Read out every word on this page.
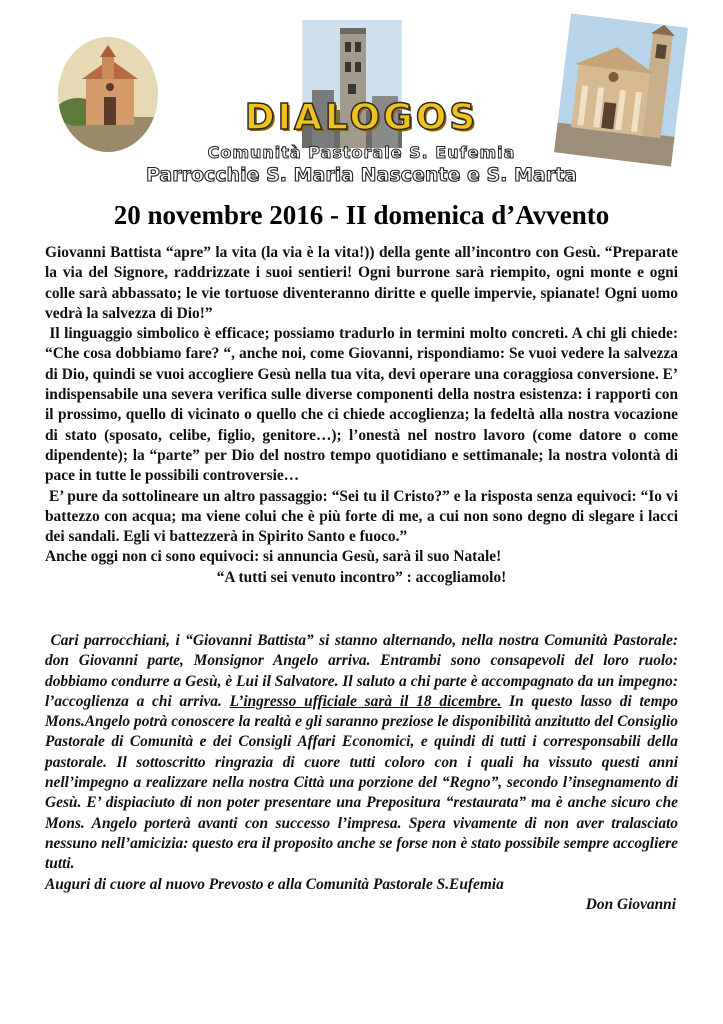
DIALOGOS
Comunità Pastorale S. Eufemia
Parrocchie S. Maria Nascente e S. Marta
20 novembre 2016 - II domenica d’Avvento

Giovanni Battista “apre” la vita (la via è la vita!)) della gente all’incontro con Gesù. “Preparate la via del Signore, raddrizzate i suoi sentieri! Ogni burrone sarà riempito, ogni monte e ogni colle sarà abbassato; le vie tortuose diventeranno diritte e quelle impervie, spianate! Ogni uomo vedrà la salvezza di Dio!”

Il linguaggio simbolico è efficace; possiamo tradurlo in termini molto concreti. A chi gli chiede: “Che cosa dobbiamo fare? “, anche noi, come Giovanni, rispondiamo: Se vuoi vedere la salvezza di Dio, quindi se vuoi accogliere Gesù nella tua vita, devi operare una coraggiosa conversione. E’ indispensabile una severa verifica sulle diverse componenti della nostra esistenza: i rapporti con il prossimo, quello di vicinato o quello che ci chiede accoglienza; la fedeltà alla nostra vocazione di stato (sposato, celibe, figlio, genitore…); l’onestà nel nostro lavoro (come datore o come dipendente); la “parte” per Dio del nostro tempo quotidiano e settimanale; la nostra volontà di pace in tutte le possibili controversie…

E’ pure da sottolineare un altro passaggio: “Sei tu il Cristo?” e la risposta senza equivoci: “Io vi battezzo con acqua; ma viene colui che è più forte di me, a cui non sono degno di slegare i lacci dei sandali. Egli vi battezzerà in Spirito Santo e fuoco.”

Anche oggi non ci sono equivoci: si annuncia Gesù, sarà il suo Natale!

“A tutti sei venuto incontro” : accogliamolo!

Cari parrocchiani, i “Giovanni Battista” si stanno alternando, nella nostra Comunità Pastorale: don Giovanni parte, Monsignor Angelo arriva. Entrambi sono consapevoli del loro ruolo: dobbiamo condurre a Gesù, è Lui il Salvatore. Il saluto a chi parte è accompagnato da un impegno: l’accoglienza a chi arriva. L’ingresso ufficiale sarà il 18 dicembre. In questo lasso di tempo Mons.Angelo potrà conoscere la realtà e gli saranno preziose le disponibilità anzitutto del Consiglio Pastorale di Comunità e dei Consigli Affari Economici, e quindi di tutti i corresponsabili della pastorale. Il sottoscritto ringrazia di cuore tutti coloro con i quali ha vissuto questi anni nell’impegno a realizzare nella nostra Città una porzione del “Regno”, secondo l’insegnamento di Gesù. E’ dispiaciuto di non poter presentare una Prepositura “restaurata” ma è anche sicuro che Mons. Angelo porterà avanti con successo l’impresa. Spera vivamente di non aver tralasciato nessuno nell’amicizia: questo era il proposito anche se forse non è stato possibile sempre accogliere tutti.

Auguri di cuore al nuovo Prevosto e alla Comunità Pastorale S.Eufemia

Don Giovanni
